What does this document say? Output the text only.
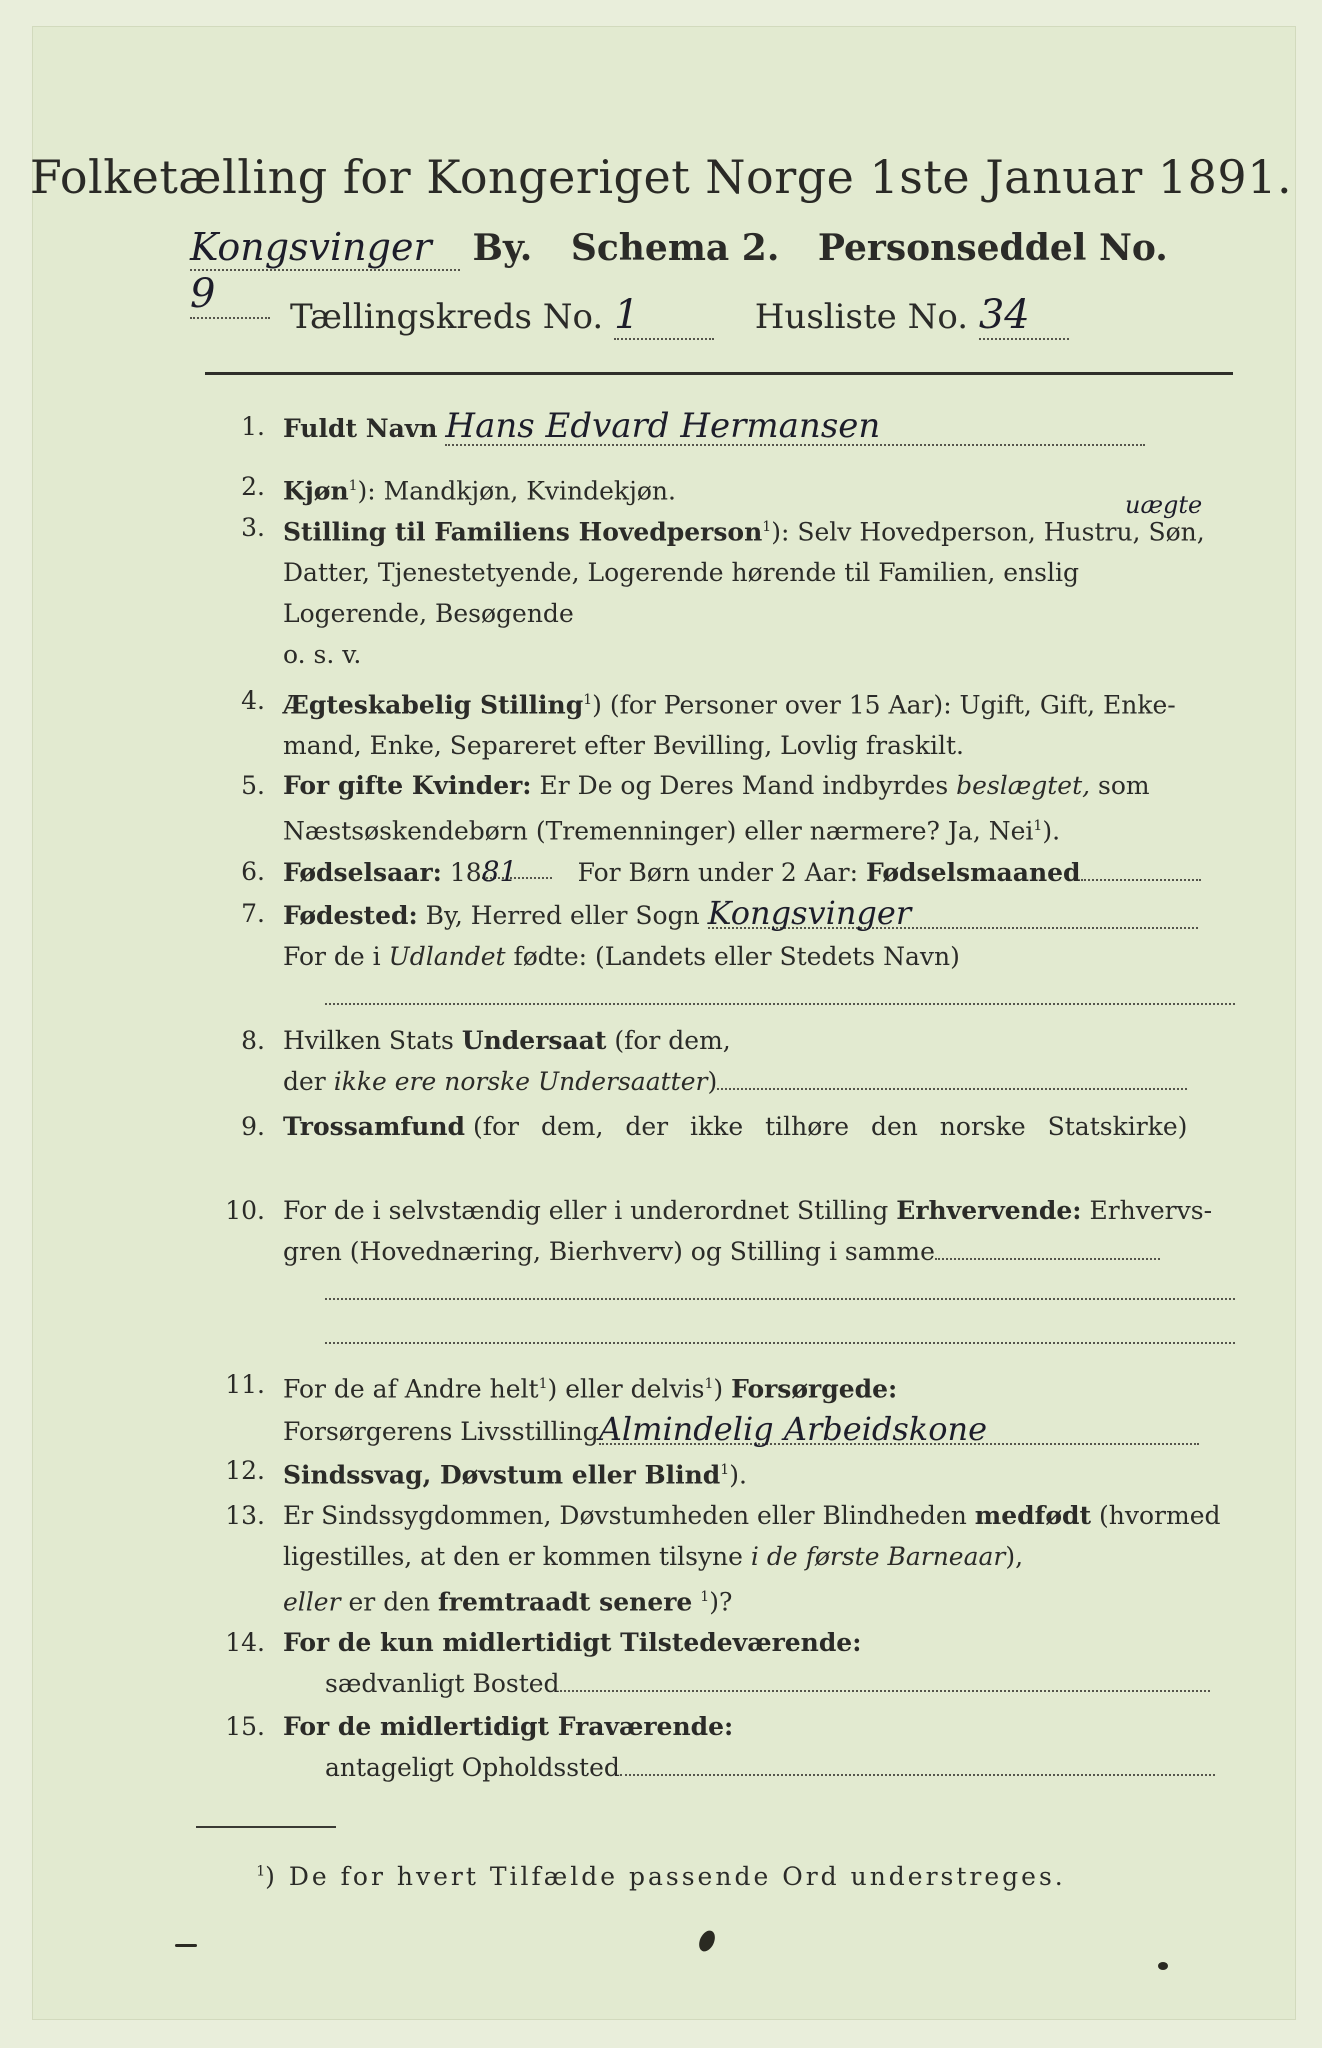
Folketælling for Kongeriget Norge 1ste Januar 1891.
Kongsvinger By. Schema 2. Personseddel No. 9	Tællingskreds No. 1	Husliste No. 34
1. Fuldt Navn Hans Edvard Hermansen
2. Kjøn$^1$): Mandkjøn, Kvindekjøn.
3. Stilling til Familiens Hovedperson$^1$): Selv Hovedperson, Hustru, Søn,
Datter, Tjenestetyende, Logerende hørende til Familien, enslig
Logerende, Besøgende
o. s. v.
uægte
4. Ægteskabelig Stilling$^1$) (for Personer over 15 Aar): Ugift, Gift, Enke-
mand, Enke, Separeret efter Bevilling, Lovlig fraskilt.
5. For gifte Kvinder: Er De og Deres Mand indbyrdes beslægtet, som
Næstsøskendebørn (Tremenninger) eller nærmere? Ja, Nei$^1$).
6. Fødselsaar: 1881 For Børn under 2 Aar: Fødselsmaaned
7. Fødested: By, Herred eller Sogn Kongsvinger
For de i Udlandet fødte: (Landets eller Stedets Navn)
8. Hvilken Stats Undersaat (for dem,
der ikke ere norske Undersaatter)
9. Trossamfund (for dem, der ikke tilhøre den norske Statskirke)
10. For de i selvstændig eller i underordnet Stilling Erhvervende: Erhvervs-
gren (Hovednæring, Bierhverv) og Stilling i samme
11. For de af Andre helt$^1$) eller delvis$^1$) Forsørgede:
Forsørgerens LivsstillingAlmindelig Arbeidskone
12. Sindssvag, Døvstum eller Blind$^1$).
13. Er Sindssygdommen, Døvstumheden eller Blindheden medfødt (hvormed
ligestilles, at den er kommen tilsyne i de første Barneaar),
eller er den fremtraadt senere $^1$)?
14. For de kun midlertidigt Tilstedeværende:
sædvanligt Bosted
15. For de midlertidigt Fraværende:
antageligt Opholdssted
$^1$) De for hvert Tilfælde passende Ord understreges.
